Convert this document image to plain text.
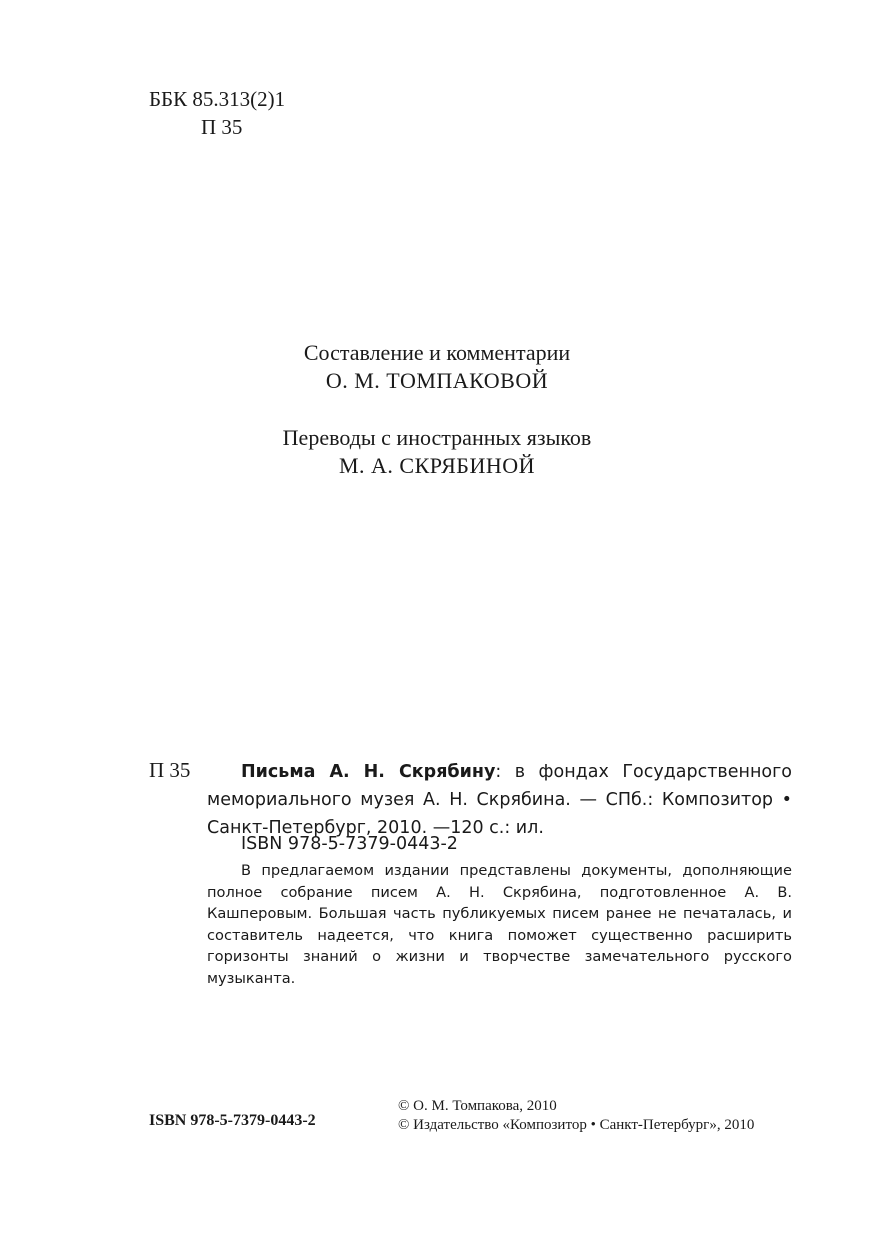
ББК 85.313(2)1
П 35
Составление и комментарии
О. М. ТОМПАКОВОЙ
Переводы с иностранных языков
М. А. СКРЯБИНОЙ
П 35	Письма А. Н. Скрябину: в фондах Государственного мемориального музея А. Н. Скрябина. — СПб.: Композитор • Санкт-Петербург, 2010. —120 с.: ил.
ISBN 978-5-7379-0443-2
В предлагаемом издании представлены документы, дополняющие полное собрание писем А. Н. Скрябина, подготовленное А. В. Кашперовым. Большая часть публикуемых писем ранее не печаталась, и составитель надеется, что книга поможет существенно расширить горизонты знаний о жизни и творчестве замечательного русского музыканта.
ISBN 978-5-7379-0443-2
© О. М. Томпакова, 2010
© Издательство «Композитор • Санкт-Петербург», 2010
